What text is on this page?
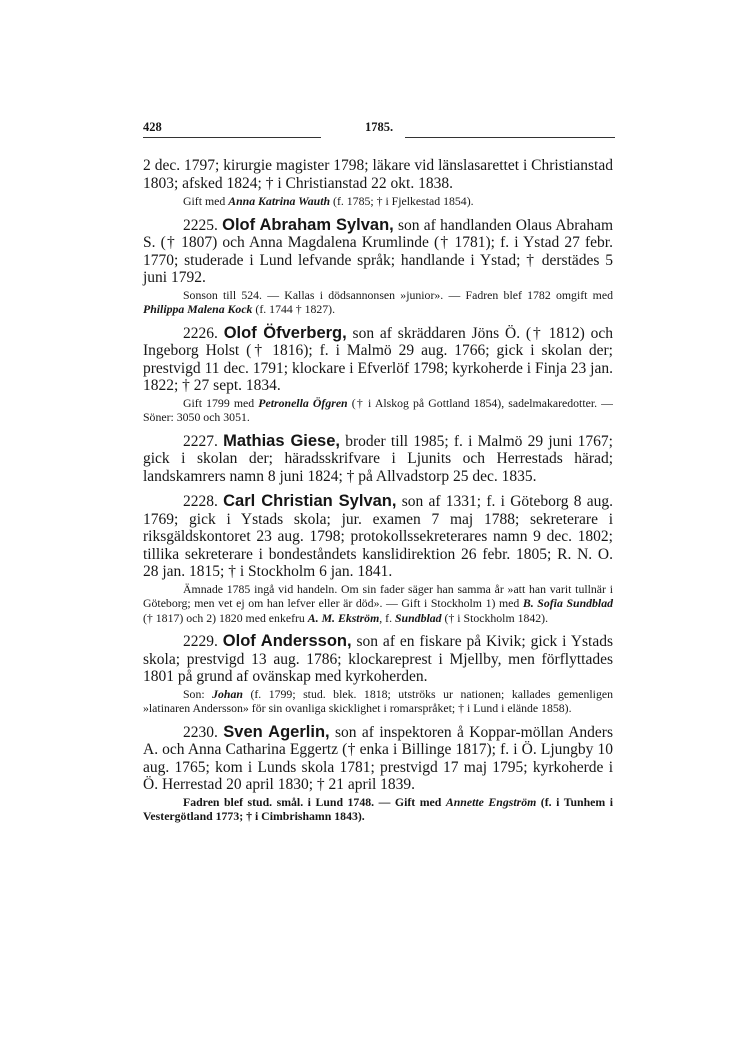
428	1785.

2 dec. 1797; kirurgie magister 1798; läkare vid länslasarettet i Christianstad 1803; afsked 1824; † i Christianstad 22 okt. 1838.

Gift med Anna Katrina Wauth (f. 1785; † i Fjelkestad 1854).

2225. Olof Abraham Sylvan, son af handlanden Olaus Abraham S. († 1807) och Anna Magdalena Krumlinde († 1781); f. i Ystad 27 febr. 1770; studerade i Lund lefvande språk; handlande i Ystad; † derstädes 5 juni 1792.

Sonson till 524. — Kallas i dödsannonsen »junior». — Fadren blef 1782 omgift med Philippa Malena Kock (f. 1744 † 1827).

2226. Olof Öfverberg, son af skräddaren Jöns Ö. († 1812) och Ingeborg Holst († 1816); f. i Malmö 29 aug. 1766; gick i skolan der; prestvigd 11 dec. 1791; klockare i Efverlöf 1798; kyrkoherde i Finja 23 jan. 1822; † 27 sept. 1834.

Gift 1799 med Petronella Öfgren († i Alskog på Gottland 1854), sadelmakaredotter. — Söner: 3050 och 3051.

2227. Mathias Giese, broder till 1985; f. i Malmö 29 juni 1767; gick i skolan der; häradsskrifvare i Ljunits och Herrestads härad; landskamrers namn 8 juni 1824; † på Allvadstorp 25 dec. 1835.

2228. Carl Christian Sylvan, son af 1331; f. i Göteborg 8 aug. 1769; gick i Ystads skola; jur. examen 7 maj 1788; sekreterare i riksgäldskontoret 23 aug. 1798; protokollssekreterares namn 9 dec. 1802; tillika sekreterare i bondeståndets kanslidirektion 26 febr. 1805; R. N. O. 28 jan. 1815; † i Stockholm 6 jan. 1841.

Ämnade 1785 ingå vid handeln. Om sin fader säger han samma år »att han varit tullnär i Göteborg; men vet ej om han lefver eller är död». — Gift i Stockholm 1) med B. Sofia Sundblad († 1817) och 2) 1820 med enkefru A. M. Ekström, f. Sundblad († i Stockholm 1842).

2229. Olof Andersson, son af en fiskare på Kivik; gick i Ystads skola; prestvigd 13 aug. 1786; klockareprest i Mjellby, men förflyttades 1801 på grund af ovänskap med kyrkoherden.

Son: Johan (f. 1799; stud. blek. 1818; utströks ur nationen; kallades gemenligen »latinaren Andersson» för sin ovanliga skicklighet i romarspråket; † i Lund i elände 1858).

2230. Sven Agerlin, son af inspektoren å Koppar-möllan Anders A. och Anna Catharina Eggertz († enka i Billinge 1817); f. i Ö. Ljungby 10 aug. 1765; kom i Lunds skola 1781; prestvigd 17 maj 1795; kyrkoherde i Ö. Herrestad 20 april 1830; † 21 april 1839.

Fadren blef stud. smål. i Lund 1748. — Gift med Annette Engström (f. i Tunhem i Vestergötland 1773; † i Cimbrishamn 1843).
